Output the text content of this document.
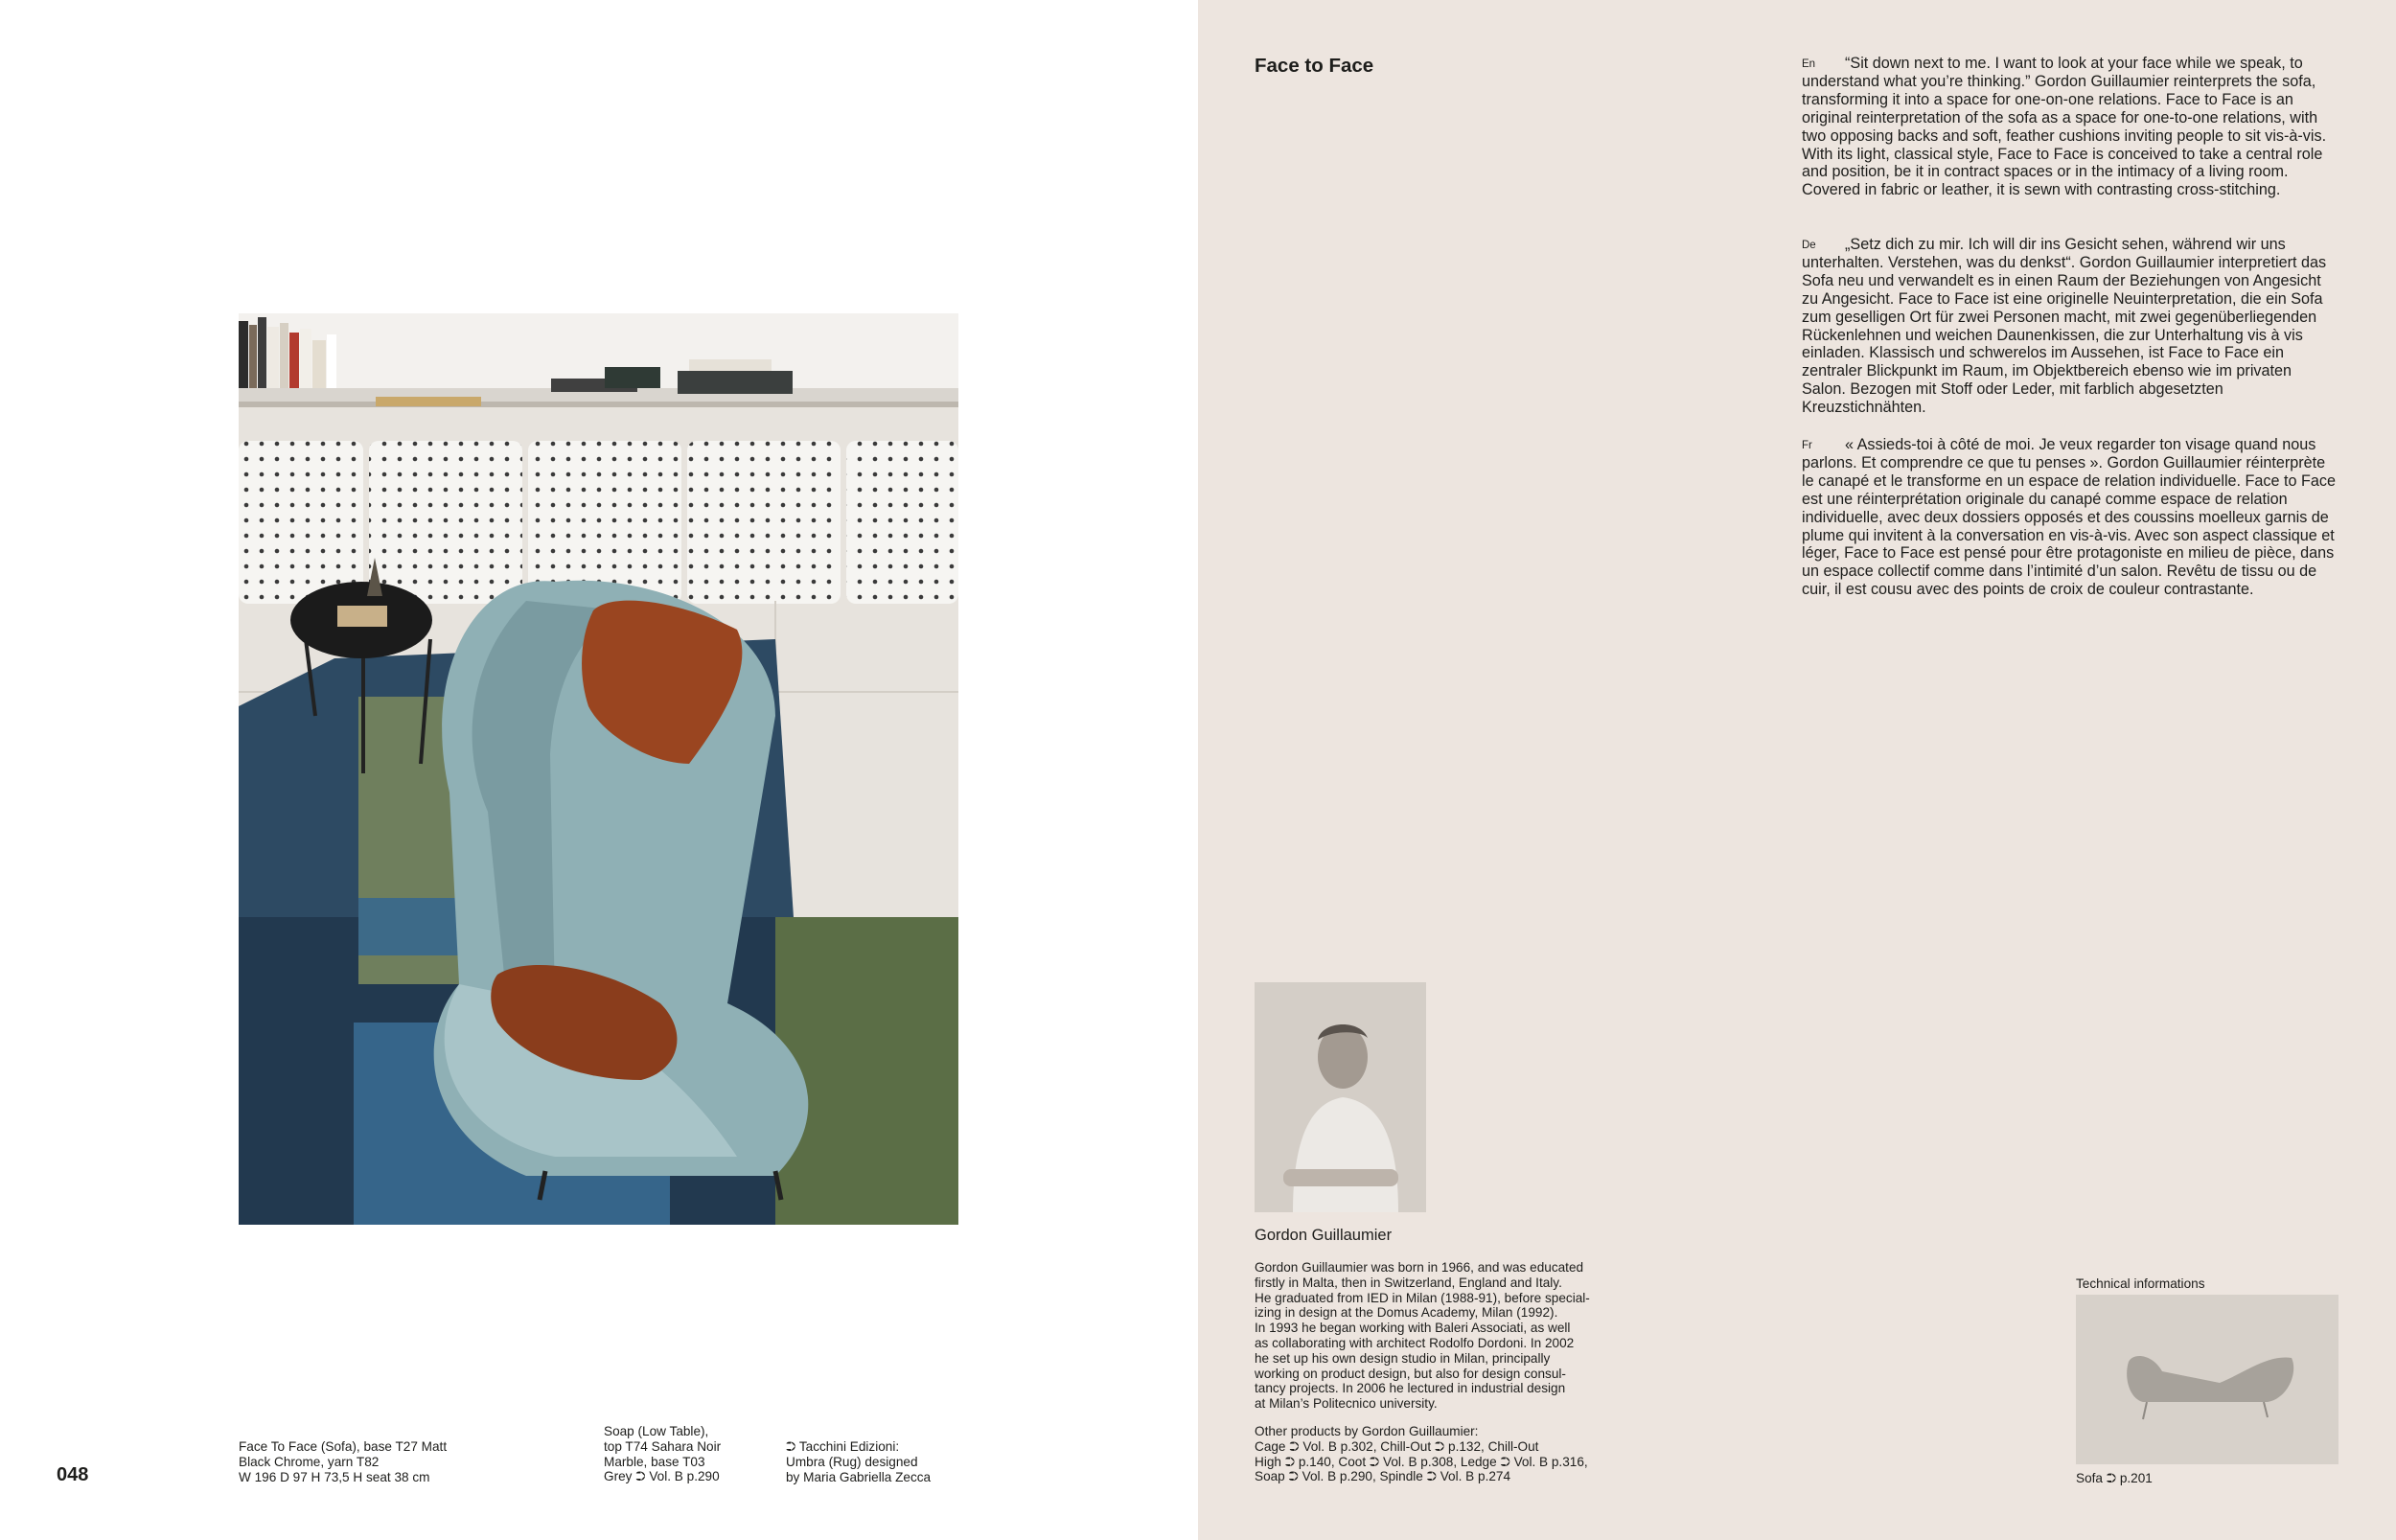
048
Face To Face (Sofa), base T27 Matt
Black Chrome, yarn T82
W 196 D 97 H 73,5 H seat 38 cm
Soap (Low Table),
top T74 Sahara Noir
Marble, base T03
Grey ⮊ Vol. B p.290
⮊ Tacchini Edizioni:
Umbra (Rug) designed
by Maria Gabriella Zecca
Face to Face	En	“Sit down next to me. I want to look at your face while we speak, to understand what you’re thinking.” Gordon Guillaumier reinterprets the sofa, transforming it into a space for one-on-one relations. Face to Face is an original reinterpretation of the sofa as a space for one-to-one relations, with two opposing backs and soft, feather cushions inviting people to sit vis-à-vis. With its light, classical style, Face to Face is conceived to take a central role and position, be it in contract spaces or in the intimacy of a living room. Covered in fabric or leather, it is sewn with contrasting cross-stitching.

De	„Setz dich zu mir. Ich will dir ins Gesicht sehen, während wir uns unterhalten. Verstehen, was du denkst“. Gordon Guillaumier interpretiert das Sofa neu und verwandelt es in einen Raum der Beziehungen von Angesicht zu Angesicht. Face to Face ist eine originelle Neuinterpretation, die ein Sofa zum geselligen Ort für zwei Personen macht, mit zwei gegenüberliegenden Rückenlehnen und weichen Daunenkissen, die zur Unterhaltung vis à vis einladen. Klassisch und schwerelos im Aussehen, ist Face to Face ein zentraler Blickpunkt im Raum, im Objektbereich ebenso wie im privaten Salon. Bezogen mit Stoff oder Leder, mit farblich abgesetzten Kreuzstichnähten.

Fr	« Assieds-toi à côté de moi. Je veux regarder ton visage quand nous parlons. Et comprendre ce que tu penses ». Gordon Guillaumier réinterprète le canapé et le transforme en un espace de relation individuelle. Face to Face est une réinterprétation originale du canapé comme espace de relation individuelle, avec deux dossiers opposés et des coussins moelleux garnis de plume qui invitent à la conversation en vis-à-vis. Avec son aspect classique et léger, Face to Face est pensé pour être protagoniste en milieu de pièce, dans un espace collectif comme dans l’intimité d’un salon. Revêtu de tissu ou de cuir, il est cousu avec des points de croix de couleur contrastante.

Gordon Guillaumier
Gordon Guillaumier was born in 1966, and was educated
firstly in Malta, then in Switzerland, England and Italy.
He graduated from IED in Milan (1988-91), before special-
izing in design at the Domus Academy, Milan (1992).
In 1993 he began working with Baleri Associati, as well
as collaborating with architect Rodolfo Dordoni. In 2002
he set up his own design studio in Milan, principally
working on product design, but also for design consul-
tancy projects. In 2006 he lectured in industrial design
at Milan’s Politecnico university.
Other products by Gordon Guillaumier:
Cage ⮊ Vol. B p.302, Chill-Out ⮊ p.132, Chill-Out
High ⮊ p.140, Coot ⮊ Vol. B p.308, Ledge ⮊ Vol. B p.316,
Soap ⮊ Vol. B p.290, Spindle ⮊ Vol. B p.274
Technical informations
Sofa ⮊ p.201
